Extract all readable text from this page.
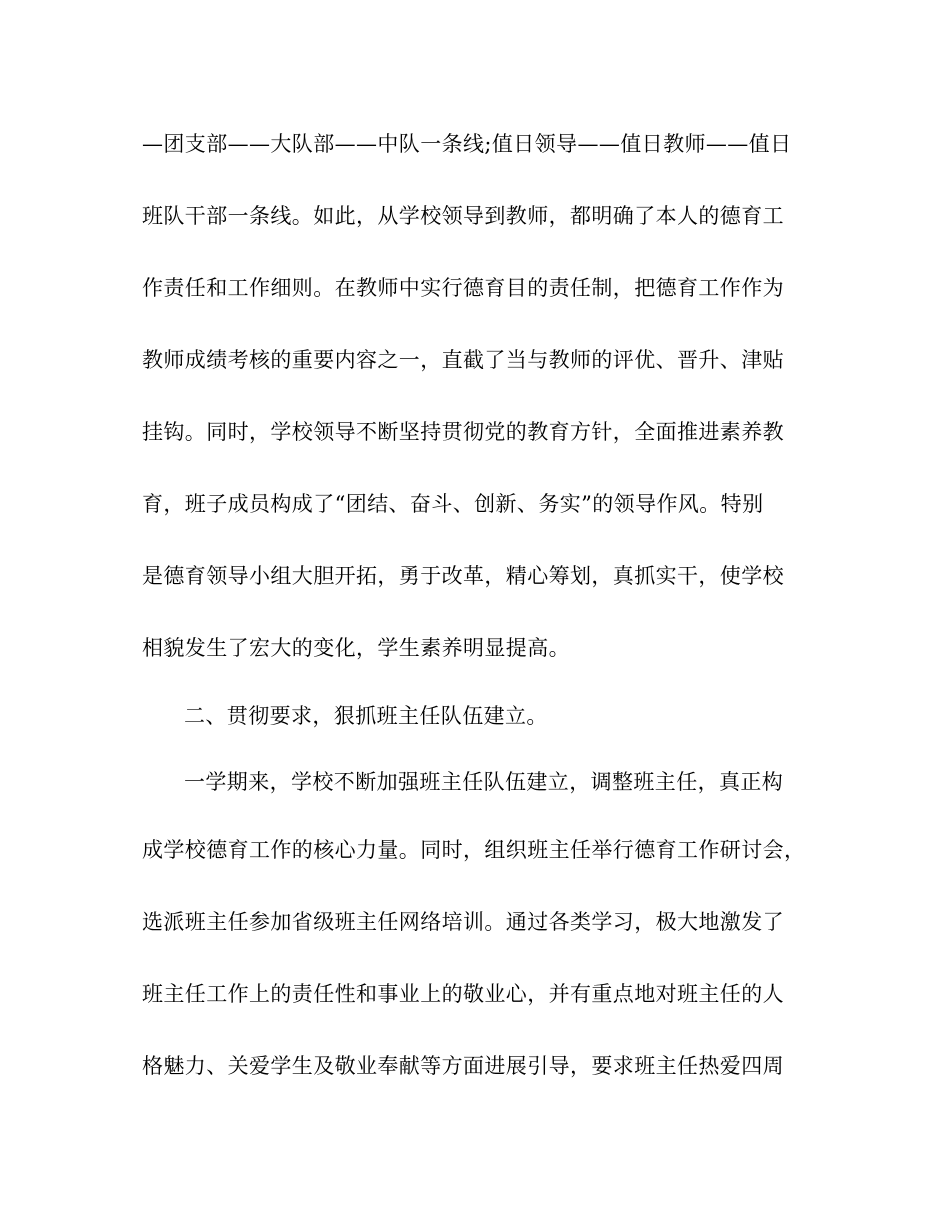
—团支部——大队部——中队一条线;值日领导——值日教师——值日
班队干部一条线。如此，从学校领导到教师，都明确了本人的德育工
作责任和工作细则。在教师中实行德育目的责任制，把德育工作作为
教师成绩考核的重要内容之一，直截了当与教师的评优、晋升、津贴
挂钩。同时，学校领导不断坚持贯彻党的教育方针，全面推进素养教
育，班子成员构成了“团结、奋斗、创新、务实”的领导作风。特别
是德育领导小组大胆开拓，勇于改革，精心筹划，真抓实干，使学校
相貌发生了宏大的变化，学生素养明显提高。
二、贯彻要求，狠抓班主任队伍建立。
一学期来，学校不断加强班主任队伍建立，调整班主任，真正构
成学校德育工作的核心力量。同时，组织班主任举行德育工作研讨会，
选派班主任参加省级班主任网络培训。通过各类学习，极大地激发了
班主任工作上的责任性和事业上的敬业心，并有重点地对班主任的人
格魅力、关爱学生及敬业奉献等方面进展引导，要求班主任热爱四周
